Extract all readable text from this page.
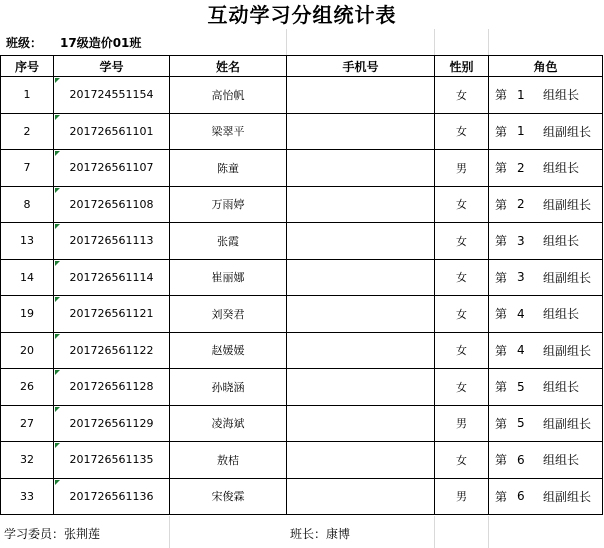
互动学习分组统计表
班级： 17级造价01班
序号	学号	姓名	手机号	性别	角色
1	201724551154	高怡帆		女	第 1 组组长

2	201726561101	梁翠平		女	第 1 组副组长

7	201726561107	陈童		男	第 2 组组长

8	201726561108	万雨婷		女	第 2 组副组长

13	201726561113	张霞		女	第 3 组组长

14	201726561114	崔丽娜		女	第 3 组副组长

19	201726561121	刘癸君		女	第 4 组组长

20	201726561122	赵媛媛		女	第 4 组副组长

26	201726561128	孙晓涵		女	第 5 组组长

27	201726561129	凌海斌		男	第 5 组副组长

32	201726561135	敖桔		女	第 6 组组长

33	201726561136	宋俊霖		男	第 6 组副组长
学习委员：张荆莲	班长：康博
